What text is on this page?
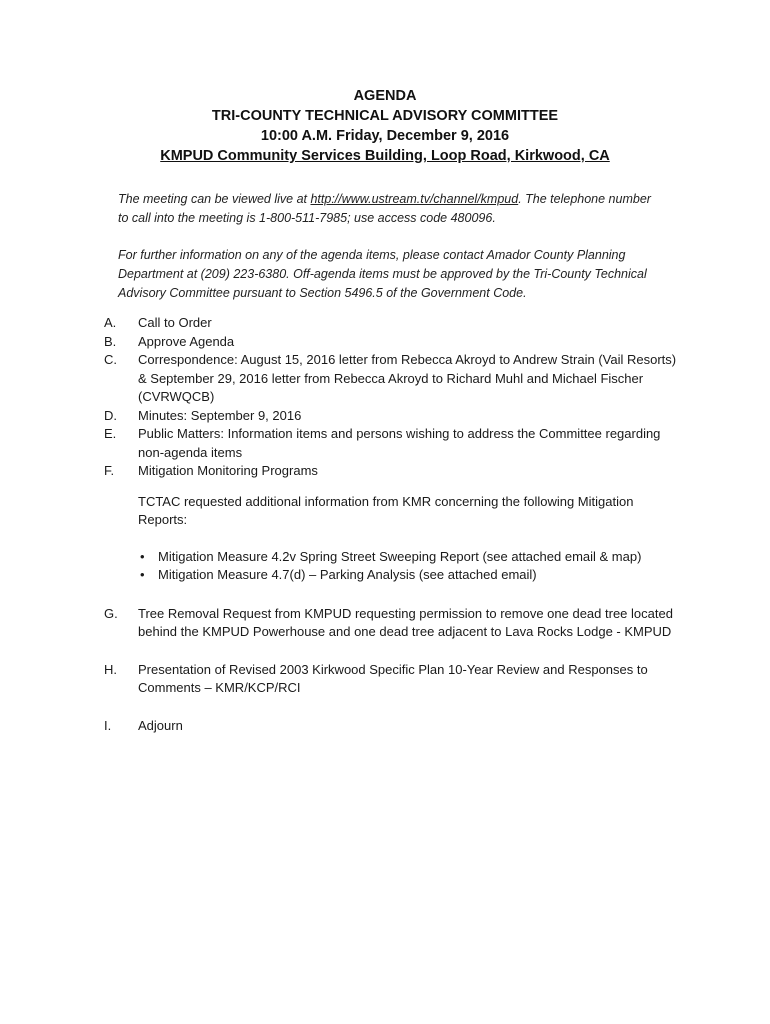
AGENDA
TRI-COUNTY TECHNICAL ADVISORY COMMITTEE
10:00 A.M. Friday, December 9, 2016
KMPUD Community Services Building, Loop Road, Kirkwood, CA

The meeting can be viewed live at http://www.ustream.tv/channel/kmpud. The telephone number to call into the meeting is 1-800-511-7985; use access code 480096.

For further information on any of the agenda items, please contact Amador County Planning Department at (209) 223-6380. Off-agenda items must be approved by the Tri-County Technical Advisory Committee pursuant to Section 5496.5 of the Government Code.

A.	Call to Order
B.	Approve Agenda
C.	Correspondence: August 15, 2016 letter from Rebecca Akroyd to Andrew Strain (Vail Resorts) & September 29, 2016 letter from Rebecca Akroyd to Richard Muhl and Michael Fischer (CVRWQCB)
D.	Minutes: September 9, 2016
E.	Public Matters: Information items and persons wishing to address the Committee regarding non-agenda items
F.	Mitigation Monitoring Programs
TCTAC requested additional information from KMR concerning the following Mitigation Reports:
• Mitigation Measure 4.2v Spring Street Sweeping Report (see attached email & map)
• Mitigation Measure 4.7(d) – Parking Analysis (see attached email)
G.	Tree Removal Request from KMPUD requesting permission to remove one dead tree located behind the KMPUD Powerhouse and one dead tree adjacent to Lava Rocks Lodge - KMPUD
H.	Presentation of Revised 2003 Kirkwood Specific Plan 10-Year Review and Responses to Comments – KMR/KCP/RCI
I.	Adjourn
